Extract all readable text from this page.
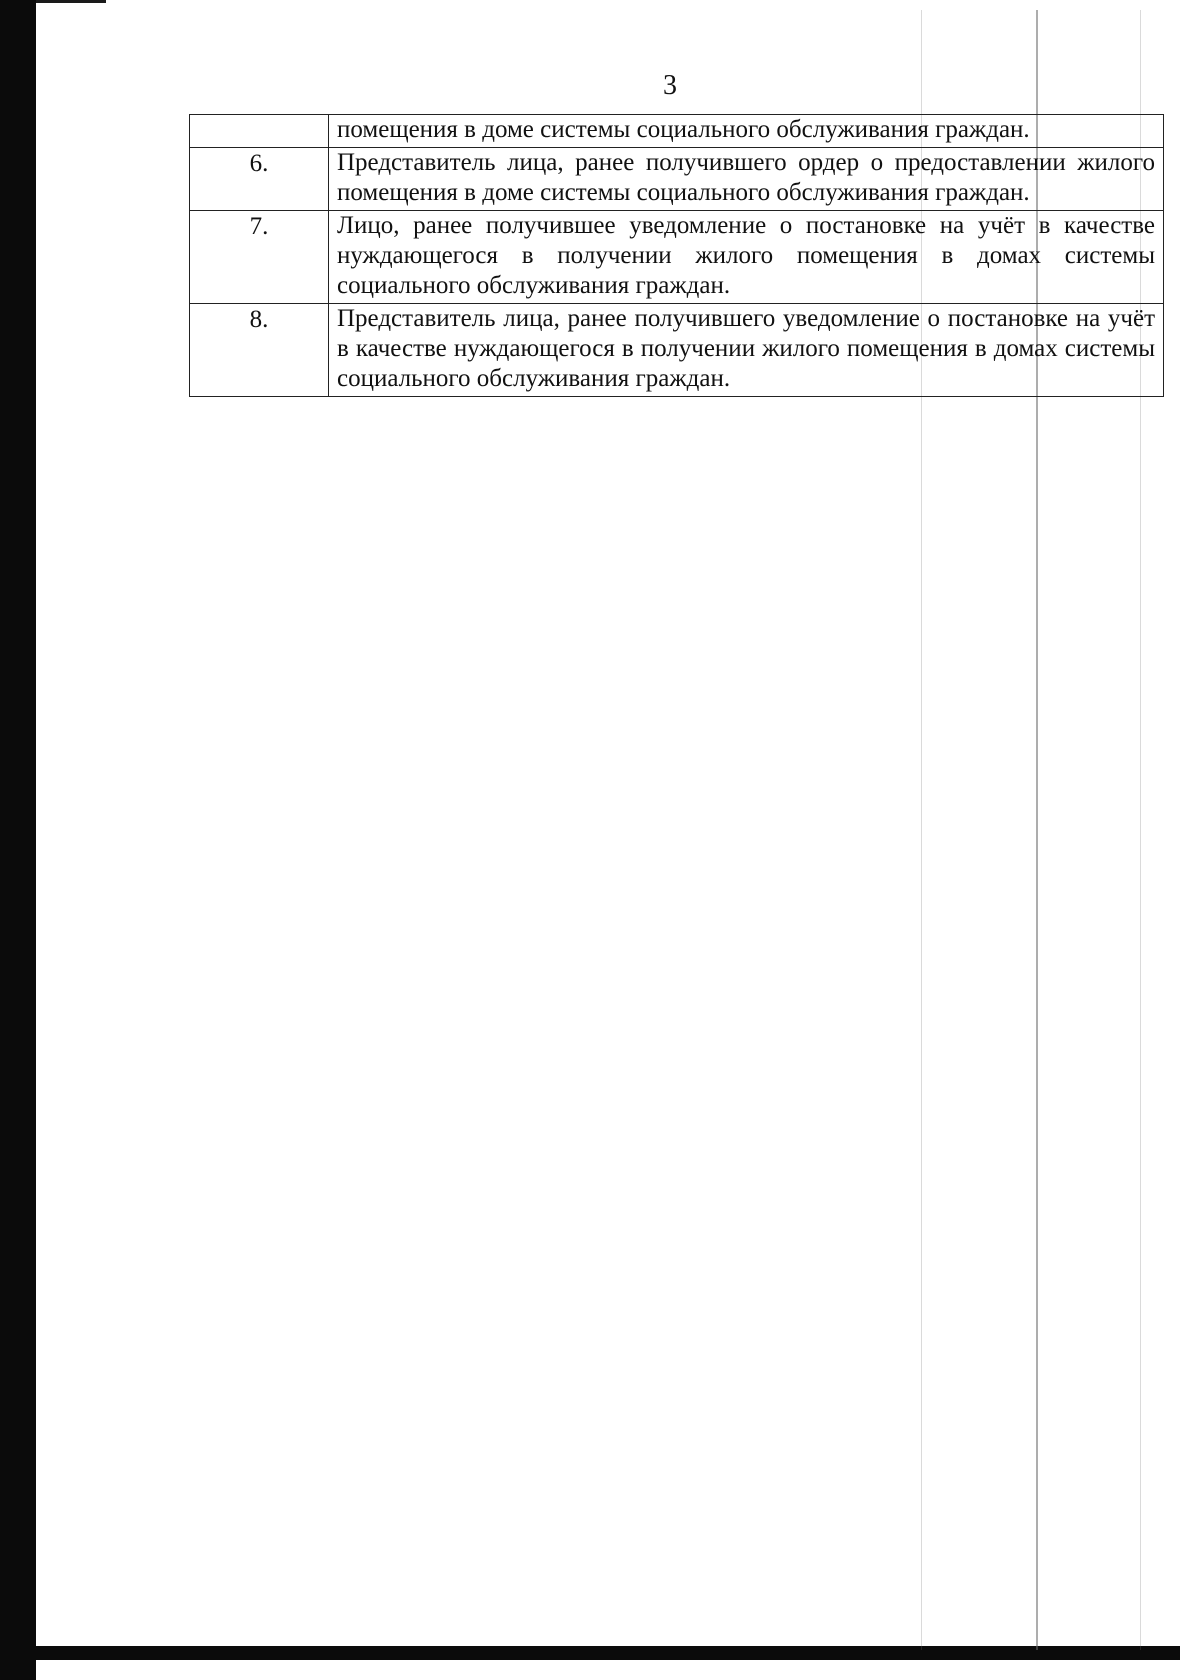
3
	помещения в доме системы социального обслуживания граждан.
6.	Представитель лица, ранее получившего ордер о предоставлении жилого помещения в доме системы социального обслуживания граждан.
7.	Лицо, ранее получившее уведомление о постановке на учёт в качестве нуждающегося в получении жилого помещения в домах системы социального обслуживания граждан.
8.	Представитель лица, ранее получившего уведомление о постановке на учёт в качестве нуждающегося в получении жилого помещения в домах системы социального обслуживания граждан.
